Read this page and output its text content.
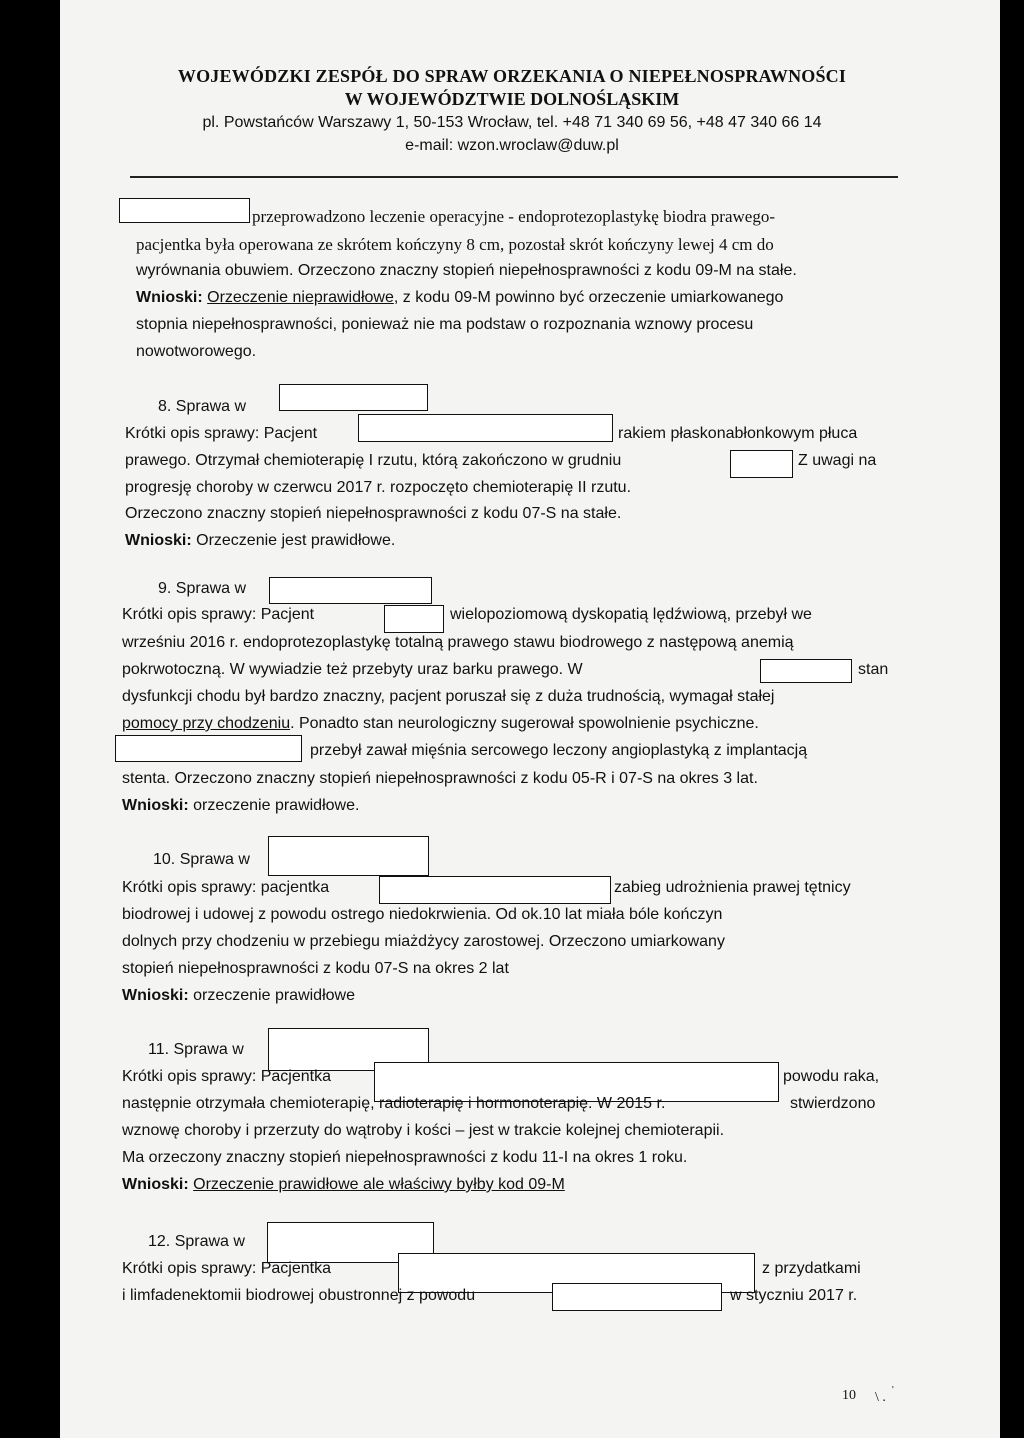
WOJEWÓDZKI ZESPÓŁ DO SPRAW ORZEKANIA O NIEPEŁNOSPRAWNOŚCI
W WOJEWÓDZTWIE DOLNOŚLĄSKIM
pl. Powstańców Warszawy 1, 50-153 Wrocław, tel. +48 71 340 69 56, +48 47 340 66 14
e-mail: wzon.wroclaw@duw.pl
przeprowadzono leczenie operacyjne - endoprotezoplastykę biodra prawego-
pacjentka była operowana ze skrótem kończyny 8 cm, pozostał skrót kończyny lewej 4 cm do
wyrównania obuwiem. Orzeczono znaczny stopień niepełnosprawności z kodu 09-M na stałe.
Wnioski: Orzeczenie nieprawidłowe, z kodu 09-M powinno być orzeczenie umiarkowanego
stopnia niepełnosprawności, ponieważ nie ma podstaw o rozpoznania wznowy procesu
nowotworowego.
8. Sprawa w
Krótki opis sprawy: Pacjent	rakiem płaskonabłonkowym płuca
prawego. Otrzymał chemioterapię I rzutu, którą zakończono w grudniu	Z uwagi na
progresję choroby w czerwcu 2017 r. rozpoczęto chemioterapię II rzutu.
Orzeczono znaczny stopień niepełnosprawności z kodu 07-S na stałe.
Wnioski: Orzeczenie jest prawidłowe.
9. Sprawa w
Krótki opis sprawy: Pacjent	wielopoziomową dyskopatią lędźwiową, przebył we
wrześniu 2016 r. endoprotezoplastykę totalną prawego stawu biodrowego z następową anemią
pokrwotoczną. W wywiadzie też przebyty uraz barku prawego. W	stan
dysfunkcji chodu był bardzo znaczny, pacjent poruszał się z duża trudnością, wymagał stałej
pomocy przy chodzeniu. Ponadto stan neurologiczny sugerował spowolnienie psychiczne.
przebył zawał mięśnia sercowego leczony angioplastyką z implantacją
stenta. Orzeczono znaczny stopień niepełnosprawności z kodu 05-R i 07-S na okres 3 lat.
Wnioski: orzeczenie prawidłowe.
10. Sprawa w
Krótki opis sprawy: pacjentka	zabieg udrożnienia prawej tętnicy
biodrowej i udowej z powodu ostrego niedokrwienia. Od ok.10 lat miała bóle kończyn
dolnych przy chodzeniu w przebiegu miażdżycy zarostowej. Orzeczono umiarkowany
stopień niepełnosprawności z kodu 07-S na okres 2 lat
Wnioski: orzeczenie prawidłowe
11. Sprawa w
Krótki opis sprawy: Pacjentka	powodu raka,
następnie otrzymała chemioterapię, radioterapię i hormonoterapię. W 2015 r.	stwierdzono
wznowę choroby i przerzuty do wątroby i kości – jest w trakcie kolejnej chemioterapii.
Ma orzeczony znaczny stopień niepełnosprawności z kodu 11-I na okres 1 roku.
Wnioski: Orzeczenie prawidłowe ale właściwy byłby kod 09-M
12. Sprawa w
Krótki opis sprawy: Pacjentka	z przydatkami
i limfadenektomii biodrowej obustronnej z powodu	w styczniu 2017 r.
10 \ . '
